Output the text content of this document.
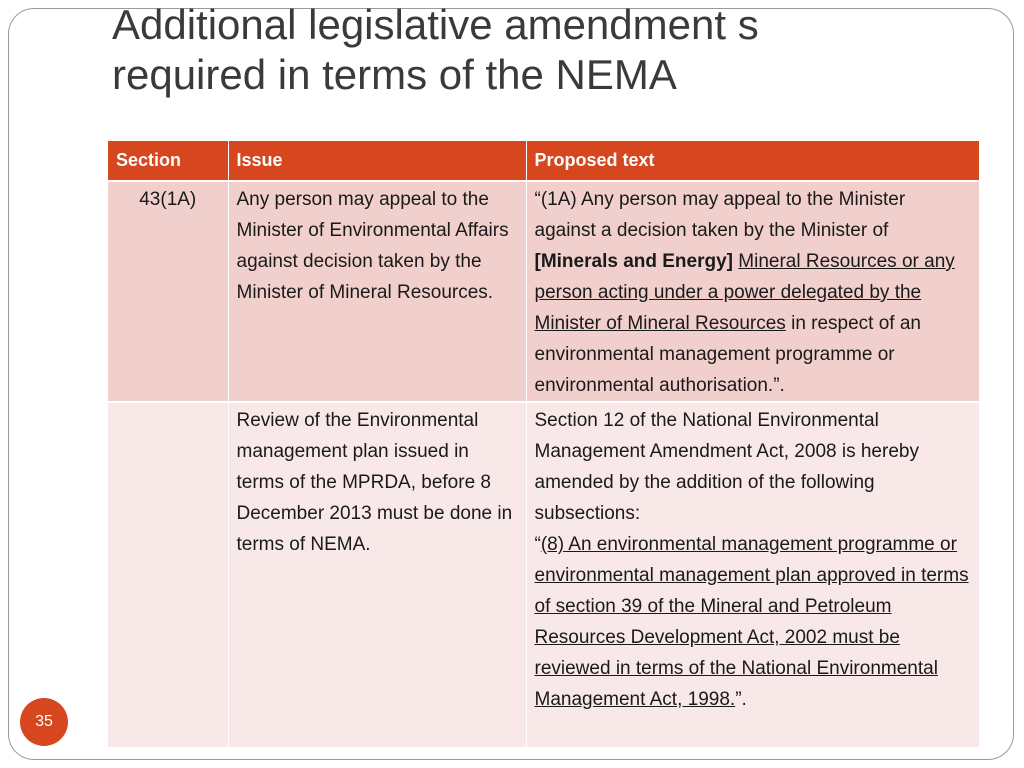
Additional legislative amendment s
required in terms of the NEMA
Section	Issue	Proposed text
43(1A)	Any person may appeal to the Minister of Environmental Affairs against decision taken by the Minister of Mineral Resources.	“(1A) Any person may appeal to the Minister against a decision taken by the Minister of [Minerals and Energy] Mineral Resources or any person acting under a power delegated by the Minister of Mineral Resources in respect of an environmental management programme or environmental authorisation.”.
	Review of the Environmental management plan issued in terms of the MPRDA, before 8 December 2013 must be done in terms of NEMA.	Section 12 of the National Environmental Management Amendment Act, 2008 is hereby amended by the addition of the following subsections:
“(8) An environmental management programme or environmental management plan approved in terms of section 39 of the Mineral and Petroleum Resources Development Act, 2002 must be reviewed in terms of the National Environmental Management Act, 1998.”.
35
